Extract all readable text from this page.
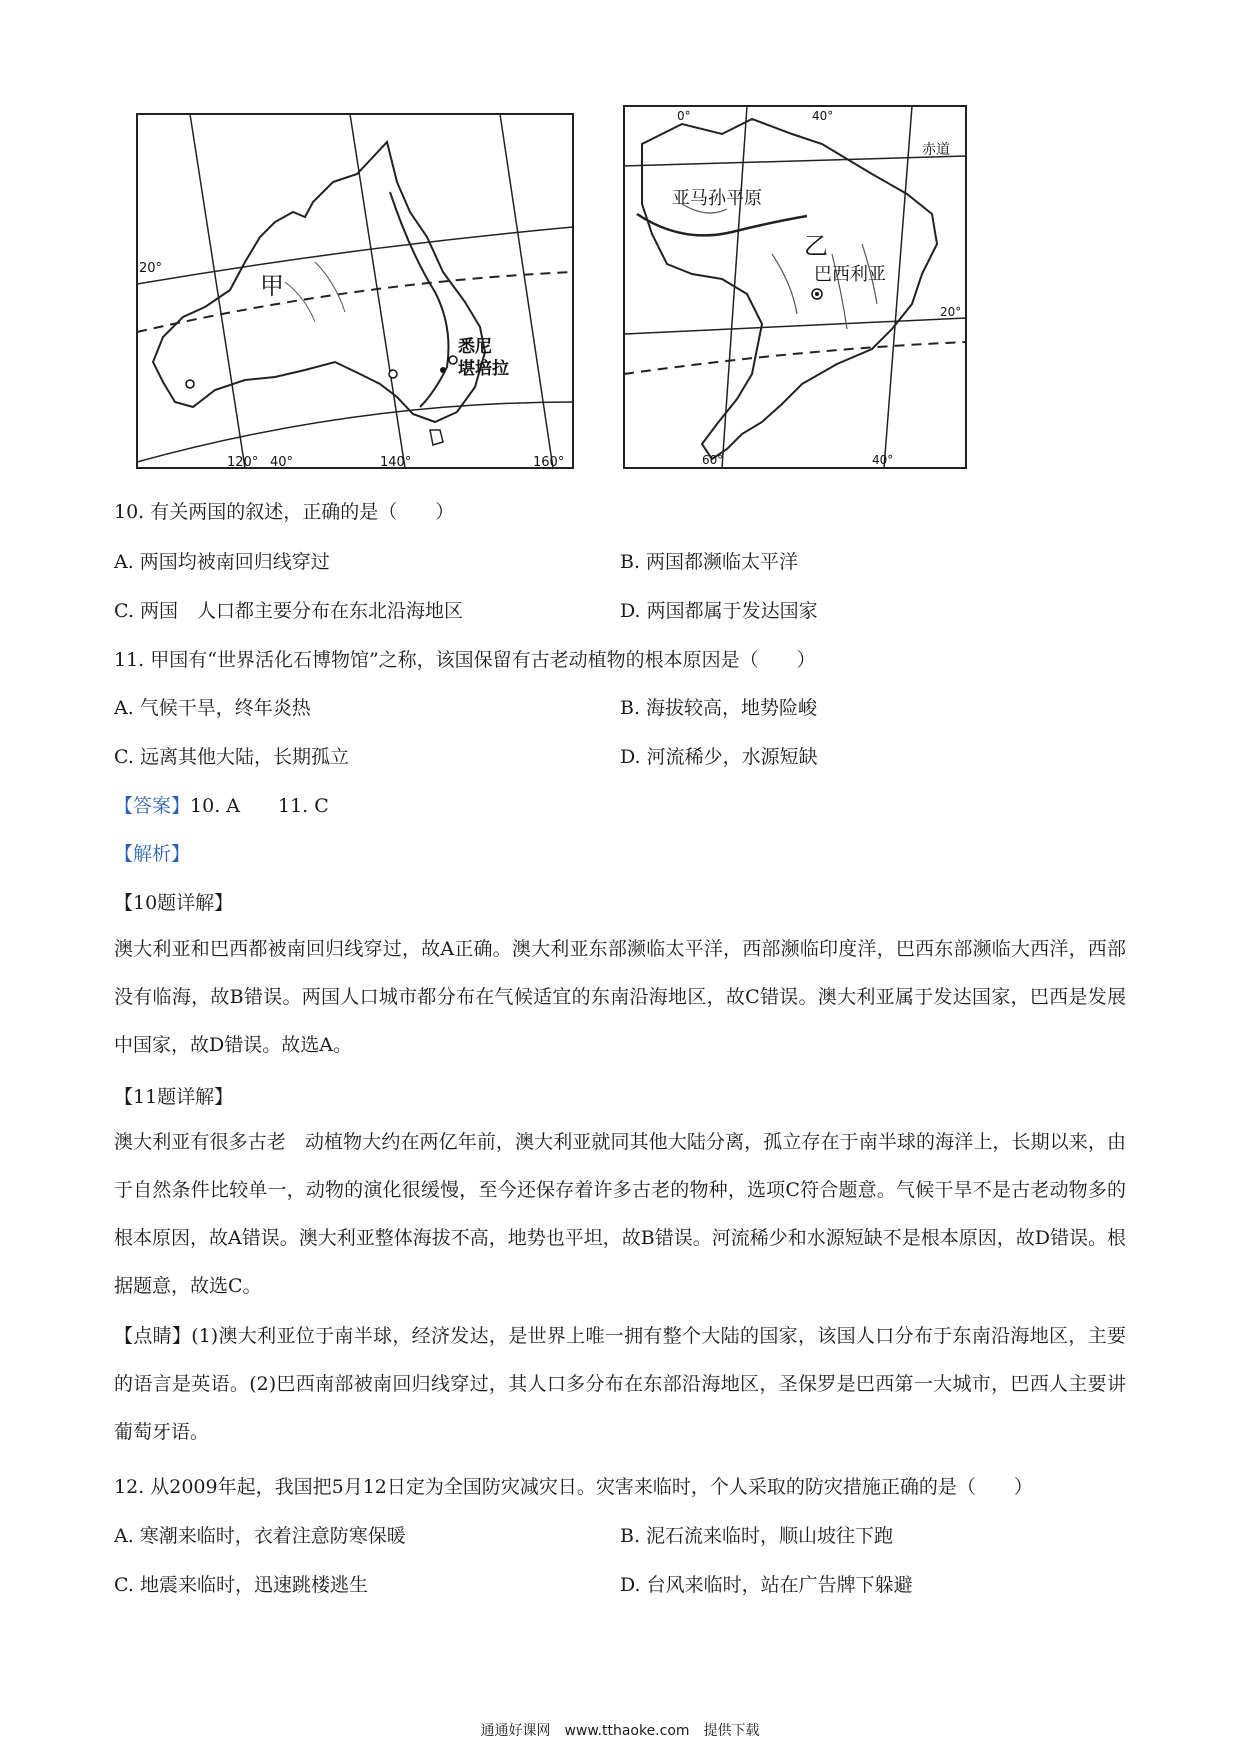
甲
悉尼
堪培拉
20°
120° 40°	140°	160°
0°	40°
赤道
亚马孙平原
乙
巴西利亚
20°
60°	40°
10. 有关两国的叙述，正确的是（　　）
A. 两国均被南回归线穿过	B. 两国都濒临太平洋
C. 两国　人口都主要分布在东北沿海地区	D. 两国都属于发达国家
11. 甲国有“世界活化石博物馆”之称，该国保留有古老动植物的根本原因是（　　）
A. 气候干旱，终年炎热	B. 海拔较高，地势险峻
C. 远离其他大陆，长期孤立	D. 河流稀少，水源短缺
【答案】10. A　　11. C
【解析】
【10题详解】
澳大利亚和巴西都被南回归线穿过，故A正确。澳大利亚东部濒临太平洋，西部濒临印度洋，巴西东部濒临大西洋，西部没有临海，故B错误。两国人口城市都分布在气候适宜的东南沿海地区，故C错误。澳大利亚属于发达国家，巴西是发展中国家，故D错误。故选A。
【11题详解】
澳大利亚有很多古老　动植物大约在两亿年前，澳大利亚就同其他大陆分离，孤立存在于南半球的海洋上，长期以来，由于自然条件比较单一，动物的演化很缓慢，至今还保存着许多古老的物种，选项C符合题意。气候干旱不是古老动物多的根本原因，故A错误。澳大利亚整体海拔不高，地势也平坦，故B错误。河流稀少和水源短缺不是根本原因，故D错误。根据题意，故选C。
【点睛】(1)澳大利亚位于南半球，经济发达，是世界上唯一拥有整个大陆的国家，该国人口分布于东南沿海地区，主要的语言是英语。(2)巴西南部被南回归线穿过，其人口多分布在东部沿海地区，圣保罗是巴西第一大城市，巴西人主要讲葡萄牙语。
12. 从2009年起，我国把5月12日定为全国防灾减灾日。灾害来临时，个人采取的防灾措施正确的是（　　）
A. 寒潮来临时，衣着注意防寒保暖	B. 泥石流来临时，顺山坡往下跑
C. 地震来临时，迅速跳楼逃生	D. 台风来临时，站在广告牌下躲避
通通好课网　www.tthaoke.com　提供下载
